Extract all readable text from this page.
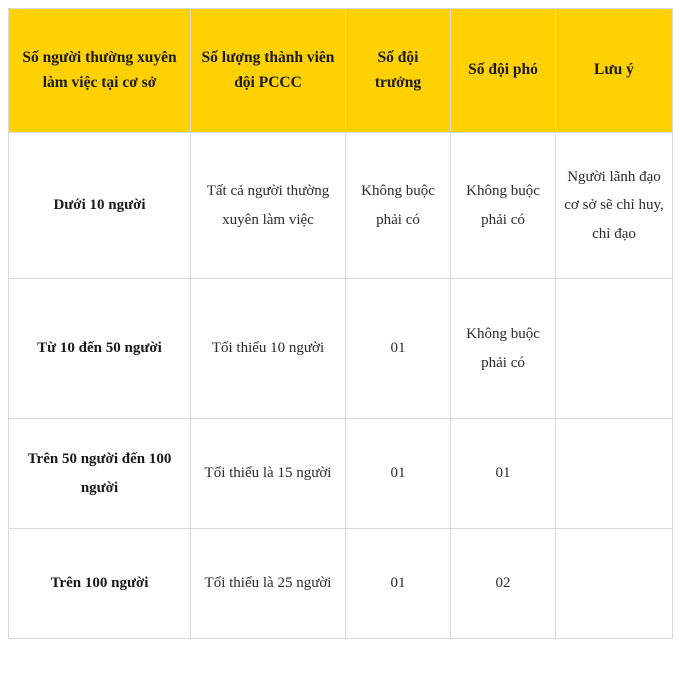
Số người thường xuyên làm việc tại cơ sở	Số lượng thành viên đội PCCC	Số đội trưởng	Số đội phó	Lưu ý
Dưới 10 người	Tất cả người thường xuyên làm việc	Không buộc phải có	Không buộc phải có	Người lãnh đạo cơ sở sẽ chỉ huy, chỉ đạo
Từ 10 đến 50 người	Tối thiểu 10 người	01	Không buộc phải có	
Trên 50 người đến 100 người	Tối thiểu là 15 người	01	01	
Trên 100 người	Tối thiểu là 25 người	01	02	
